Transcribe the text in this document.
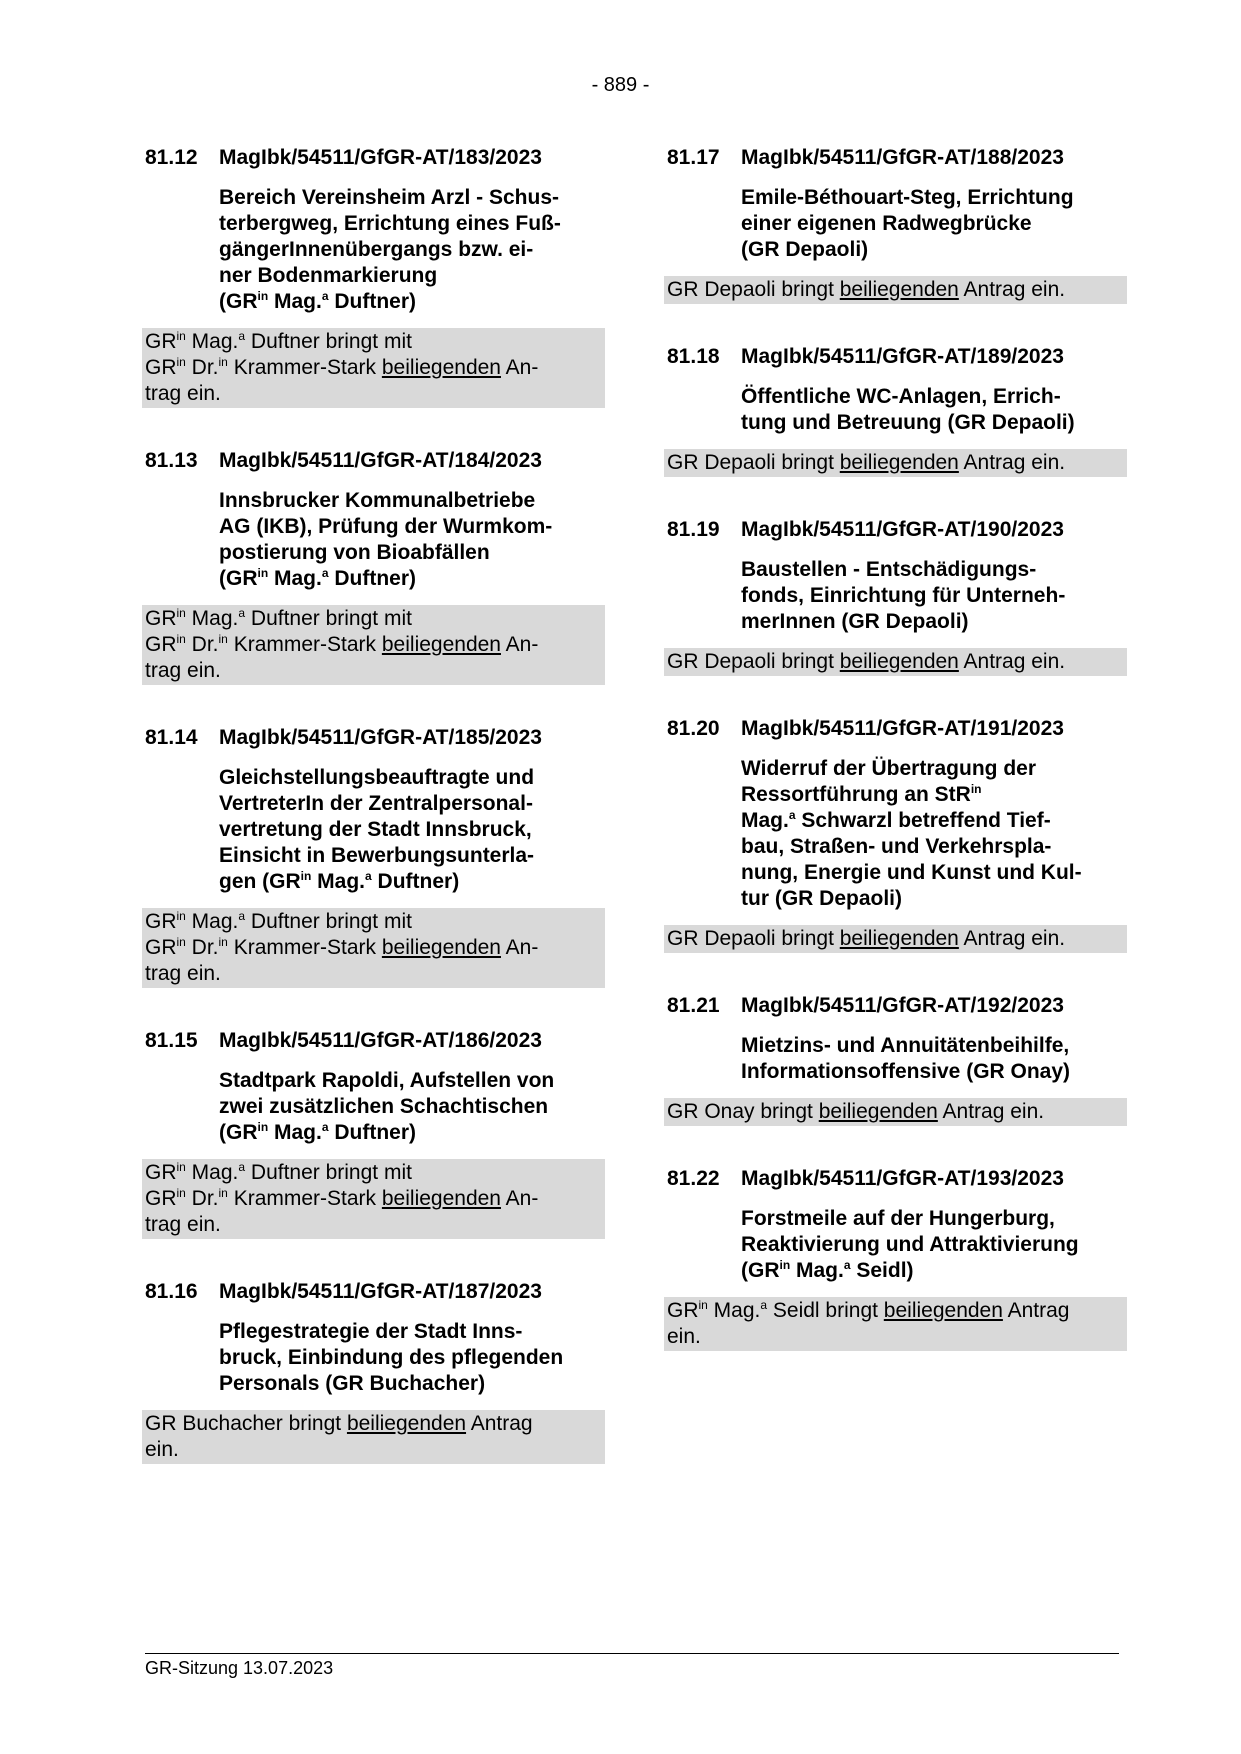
- 889 -
81.12	MagIbk/54511/GfGR-AT/183/2023
Bereich Vereinsheim Arzl - Schus-
terbergweg, Errichtung eines Fuß-
gängerInnenübergangs bzw. ei-
ner Bodenmarkierung
($GR^{in}$ Mag.$^a$ Duftner)
$GR^{in}$ Mag.$^a$ Duftner bringt mit
$GR^{in}$ Dr.$^{in}$ Krammer-Stark beiliegenden An-
trag ein.
81.13	MagIbk/54511/GfGR-AT/184/2023
Innsbrucker Kommunalbetriebe
AG (IKB), Prüfung der Wurmkom-
postierung von Bioabfällen
($GR^{in}$ Mag.$^a$ Duftner)
$GR^{in}$ Mag.$^a$ Duftner bringt mit
$GR^{in}$ Dr.$^{in}$ Krammer-Stark beiliegenden An-
trag ein.
81.14	MagIbk/54511/GfGR-AT/185/2023
Gleichstellungsbeauftragte und
VertreterIn der Zentralpersonal-
vertretung der Stadt Innsbruck,
Einsicht in Bewerbungsunterla-
gen ($GR^{in}$ Mag.$^a$ Duftner)
$GR^{in}$ Mag.$^a$ Duftner bringt mit
$GR^{in}$ Dr.$^{in}$ Krammer-Stark beiliegenden An-
trag ein.
81.15	MagIbk/54511/GfGR-AT/186/2023
Stadtpark Rapoldi, Aufstellen von
zwei zusätzlichen Schachtischen
($GR^{in}$ Mag.$^a$ Duftner)
$GR^{in}$ Mag.$^a$ Duftner bringt mit
$GR^{in}$ Dr.$^{in}$ Krammer-Stark beiliegenden An-
trag ein.
81.16	MagIbk/54511/GfGR-AT/187/2023
Pflegestrategie der Stadt Inns-
bruck, Einbindung des pflegenden
Personals (GR Buchacher)
GR Buchacher bringt beiliegenden Antrag
ein.
81.17	MagIbk/54511/GfGR-AT/188/2023
Emile-Béthouart-Steg, Errichtung
einer eigenen Radwegbrücke
(GR Depaoli)
GR Depaoli bringt beiliegenden Antrag ein.
81.18	MagIbk/54511/GfGR-AT/189/2023
Öffentliche WC-Anlagen, Errich-
tung und Betreuung (GR Depaoli)
GR Depaoli bringt beiliegenden Antrag ein.
81.19	MagIbk/54511/GfGR-AT/190/2023
Baustellen - Entschädigungs-
fonds, Einrichtung für Unterneh-
merInnen (GR Depaoli)
GR Depaoli bringt beiliegenden Antrag ein.
81.20	MagIbk/54511/GfGR-AT/191/2023
Widerruf der Übertragung der
Ressortführung an StR$^{in}$
Mag.$^a$ Schwarzl betreffend Tief-
bau, Straßen- und Verkehrspla-
nung, Energie und Kunst und Kul-
tur (GR Depaoli)
GR Depaoli bringt beiliegenden Antrag ein.
81.21	MagIbk/54511/GfGR-AT/192/2023
Mietzins- und Annuitätenbeihilfe,
Informationsoffensive (GR Onay)
GR Onay bringt beiliegenden Antrag ein.
81.22	MagIbk/54511/GfGR-AT/193/2023
Forstmeile auf der Hungerburg,
Reaktivierung und Attraktivierung
($GR^{in}$ Mag.$^a$ Seidl)
$GR^{in}$ Mag.$^a$ Seidl bringt beiliegenden Antrag
ein.
GR-Sitzung 13.07.2023
